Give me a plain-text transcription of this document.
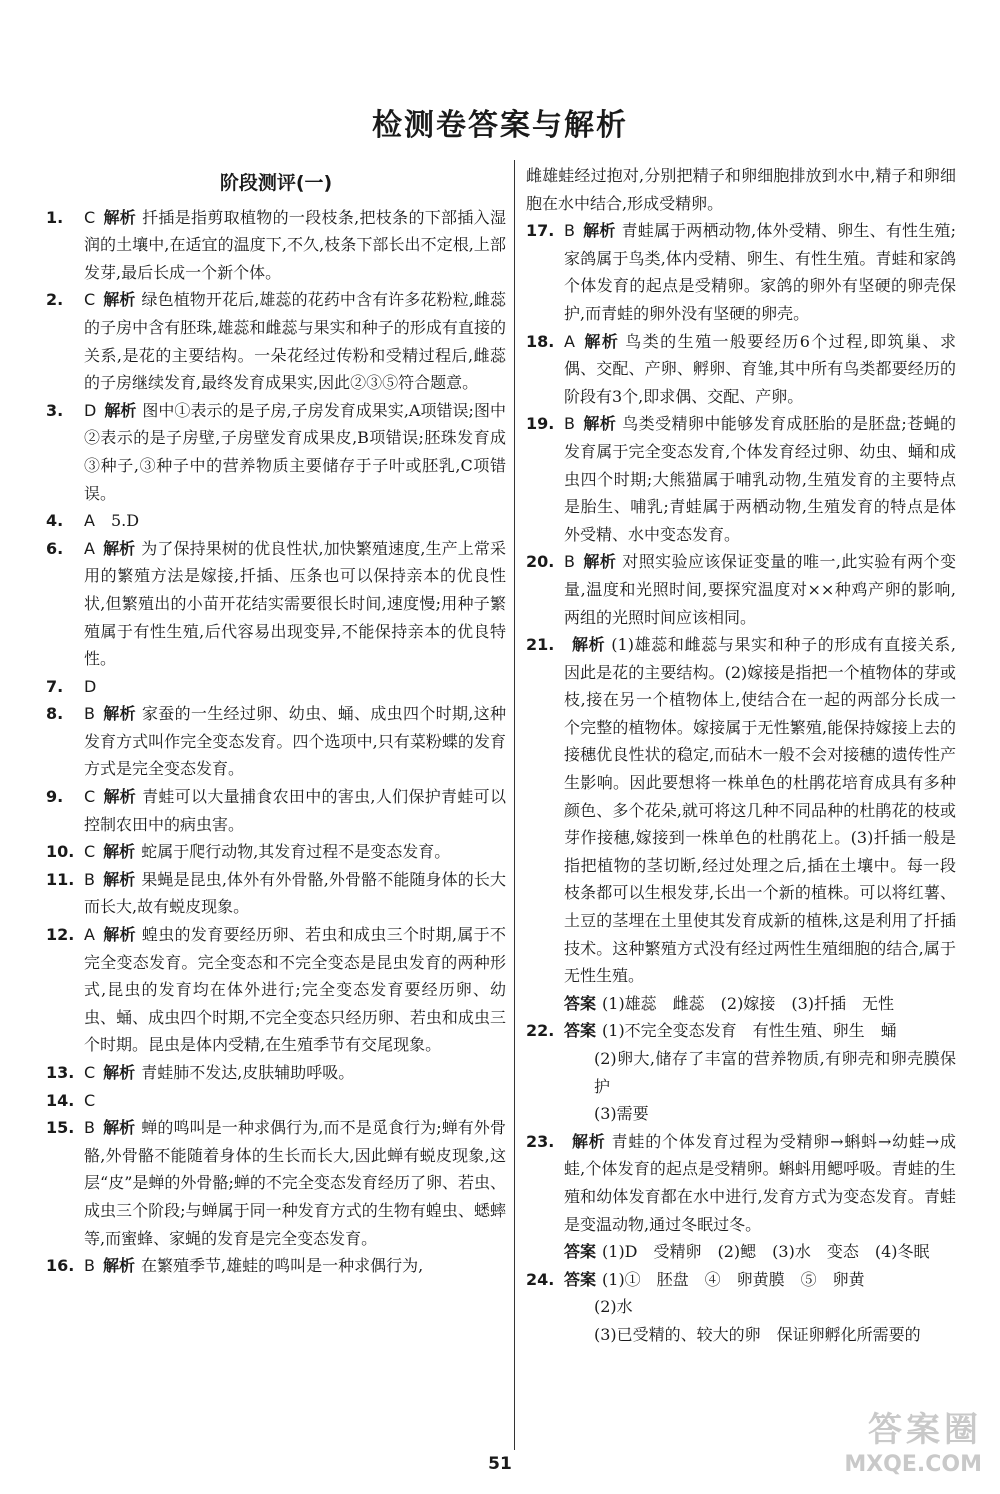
检测卷答案与解析
阶段测评(一)
1. C 解析 扦插是指剪取植物的一段枝条,把枝条的下部插入湿润的土壤中,在适宜的温度下,不久,枝条下部长出不定根,上部发芽,最后长成一个新个体。
2. C 解析 绿色植物开花后,雄蕊的花药中含有许多花粉粒,雌蕊的子房中含有胚珠,雄蕊和雌蕊与果实和种子的形成有直接的关系,是花的主要结构。一朵花经过传粉和受精过程后,雌蕊的子房继续发育,最终发育成果实,因此②③⑤符合题意。
3. D 解析 图中①表示的是子房,子房发育成果实,A项错误;图中②表示的是子房壁,子房壁发育成果皮,B项错误;胚珠发育成③种子,③种子中的营养物质主要储存于子叶或胚乳,C项错误。
4. A  5.D
6. A 解析 为了保持果树的优良性状,加快繁殖速度,生产上常采用的繁殖方法是嫁接,扦插、压条也可以保持亲本的优良性状,但繁殖出的小苗开花结实需要很长时间,速度慢;用种子繁殖属于有性生殖,后代容易出现变异,不能保持亲本的优良特性。
7. D
8. B 解析 家蚕的一生经过卵、幼虫、蛹、成虫四个时期,这种发育方式叫作完全变态发育。四个选项中,只有菜粉蝶的发育方式是完全变态发育。
9. C 解析 青蛙可以大量捕食农田中的害虫,人们保护青蛙可以控制农田中的病虫害。
10. C 解析 蛇属于爬行动物,其发育过程不是变态发育。
11. B 解析 果蝇是昆虫,体外有外骨骼,外骨骼不能随身体的长大而长大,故有蜕皮现象。
12. A 解析 蝗虫的发育要经历卵、若虫和成虫三个时期,属于不完全变态发育。完全变态和不完全变态是昆虫发育的两种形式,昆虫的发育均在体外进行;完全变态发育要经历卵、幼虫、蛹、成虫四个时期,不完全变态只经历卵、若虫和成虫三个时期。昆虫是体内受精,在生殖季节有交尾现象。
13. C 解析 青蛙肺不发达,皮肤辅助呼吸。
14. C
15. B 解析 蝉的鸣叫是一种求偶行为,而不是觅食行为;蝉有外骨骼,外骨骼不能随着身体的生长而长大,因此蝉有蜕皮现象,这层“皮”是蝉的外骨骼;蝉的不完全变态发育经历了卵、若虫、成虫三个阶段;与蝉属于同一种发育方式的生物有蝗虫、蟋蟀等,而蜜蜂、家蝇的发育是完全变态发育。
16. B 解析 在繁殖季节,雄蛙的鸣叫是一种求偶行为,
雌雄蛙经过抱对,分别把精子和卵细胞排放到水中,精子和卵细胞在水中结合,形成受精卵。
17. B 解析 青蛙属于两栖动物,体外受精、卵生、有性生殖;家鸽属于鸟类,体内受精、卵生、有性生殖。青蛙和家鸽个体发育的起点是受精卵。家鸽的卵外有坚硬的卵壳保护,而青蛙的卵外没有坚硬的卵壳。
18. A 解析 鸟类的生殖一般要经历6个过程,即筑巢、求偶、交配、产卵、孵卵、育雏,其中所有鸟类都要经历的阶段有3个,即求偶、交配、产卵。
19. B 解析 鸟类受精卵中能够发育成胚胎的是胚盘;苍蝇的发育属于完全变态发育,个体发育经过卵、幼虫、蛹和成虫四个时期;大熊猫属于哺乳动物,生殖发育的主要特点是胎生、哺乳;青蛙属于两栖动物,生殖发育的特点是体外受精、水中变态发育。
20. B 解析 对照实验应该保证变量的唯一,此实验有两个变量,温度和光照时间,要探究温度对××种鸡产卵的影响,两组的光照时间应该相同。
21. 解析 (1)雄蕊和雌蕊与果实和种子的形成有直接关系,因此是花的主要结构。(2)嫁接是指把一个植物体的芽或枝,接在另一个植物体上,使结合在一起的两部分长成一个完整的植物体。嫁接属于无性繁殖,能保持嫁接上去的接穗优良性状的稳定,而砧木一般不会对接穗的遗传性产生影响。因此要想将一株单色的杜鹃花培育成具有多种颜色、多个花朵,就可将这几种不同品种的杜鹃花的枝或芽作接穗,嫁接到一株单色的杜鹃花上。(3)扦插一般是指把植物的茎切断,经过处理之后,插在土壤中。每一段枝条都可以生根发芽,长出一个新的植株。可以将红薯、土豆的茎埋在土里使其发育成新的植株,这是利用了扦插技术。这种繁殖方式没有经过两性生殖细胞的结合,属于无性生殖。
答案 (1)雄蕊　雌蕊　(2)嫁接　(3)扦插　无性
22. 答案 (1)不完全变态发育　有性生殖、卵生　蛹
(2)卵大,储存了丰富的营养物质,有卵壳和卵壳膜保护
(3)需要
23. 解析 青蛙的个体发育过程为受精卵→蝌蚪→幼蛙→成蛙,个体发育的起点是受精卵。蝌蚪用鳃呼吸。青蛙的生殖和幼体发育都在水中进行,发育方式为变态发育。青蛙是变温动物,通过冬眠过冬。
答案 (1)D　受精卵　(2)鳃　(3)水　变态　(4)冬眠
24. 答案 (1)①　胚盘　④　卵黄膜　⑤　卵黄
(2)水
(3)已受精的、较大的卵　保证卵孵化所需要的
51
答案圈
MXQE.COM
